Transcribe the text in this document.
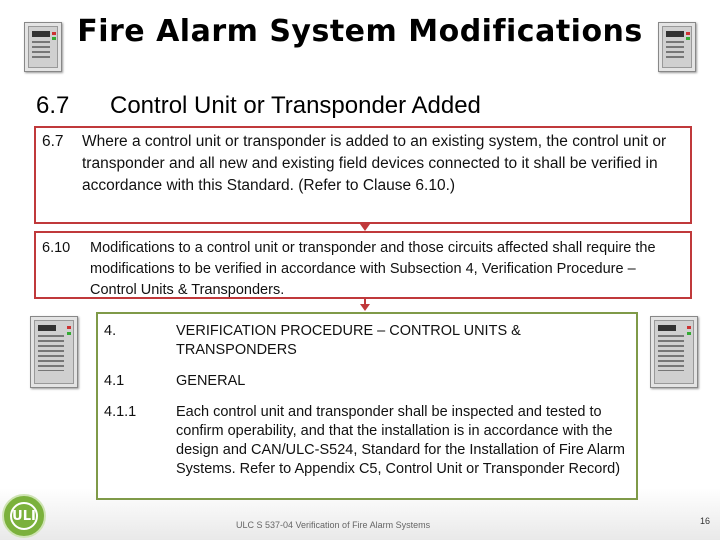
Fire Alarm System Modifications
6.7 Control Unit or Transponder Added
6.7 Where a control unit or transponder is added to an existing system, the control unit or transponder and all new and existing field devices connected to it shall be verified in accordance with this Standard. (Refer to Clause 6.10.)
6.10 Modifications to a control unit or transponder and those circuits affected shall require the modifications to be verified in accordance with Subsection 4, Verification Procedure – Control Units & Transponders.
4.	VERIFICATION PROCEDURE – CONTROL UNITS & TRANSPONDERS
4.1	GENERAL
4.1.1	Each control unit and transponder shall be inspected and tested to confirm operability, and that the installation is in accordance with the design and CAN/ULC-S524, Standard for the Installation of Fire Alarm Systems. Refer to Appendix C5, Control Unit or Transponder Record)
ULI
ULC S 537-04 Verification of Fire Alarm Systems	16
